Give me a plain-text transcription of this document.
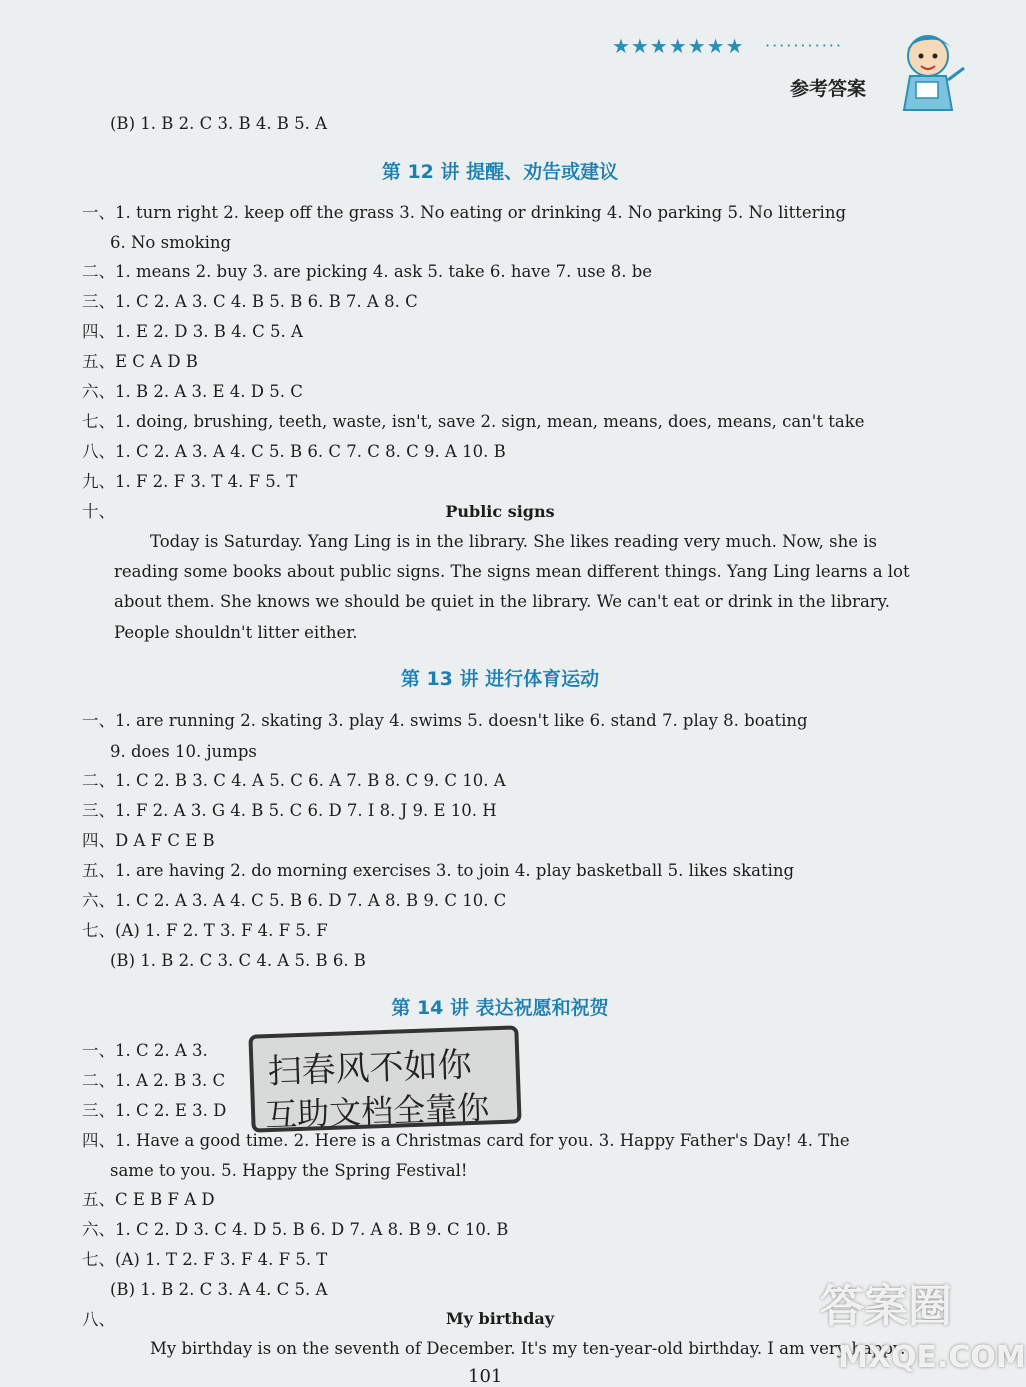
★★★★★★★ ···········
参考答案
(B) 1. B 2. C 3. B 4. B 5. A
第 12 讲 提醒、劝告或建议
一、1. turn right 2. keep off the grass 3. No eating or drinking 4. No parking 5. No littering
6. No smoking
二、1. means 2. buy 3. are picking 4. ask 5. take 6. have 7. use 8. be
三、1. C 2. A 3. C 4. B 5. B 6. B 7. A 8. C
四、1. E 2. D 3. B 4. C 5. A
五、E C A D B
六、1. B 2. A 3. E 4. D 5. C
七、1. doing, brushing, teeth, waste, isn't, save 2. sign, mean, means, does, means, can't take
八、1. C 2. A 3. A 4. C 5. B 6. C 7. C 8. C 9. A 10. B
九、1. F 2. F 3. T 4. F 5. T
十、	Public signs
Today is Saturday. Yang Ling is in the library. She likes reading very much. Now, she is
reading some books about public signs. The signs mean different things. Yang Ling learns a lot
about them. She knows we should be quiet in the library. We can't eat or drink in the library.
People shouldn't litter either.
第 13 讲 进行体育运动
一、1. are running 2. skating 3. play 4. swims 5. doesn't like 6. stand 7. play 8. boating
9. does 10. jumps
二、1. C 2. B 3. C 4. A 5. C 6. A 7. B 8. C 9. C 10. A
三、1. F 2. A 3. G 4. B 5. C 6. D 7. I 8. J 9. E 10. H
四、D A F C E B
五、1. are having 2. do morning exercises 3. to join 4. play basketball 5. likes skating
六、1. C 2. A 3. A 4. C 5. B 6. D 7. A 8. B 9. C 10. C
七、(A) 1. F 2. T 3. F 4. F 5. F
(B) 1. B 2. C 3. C 4. A 5. B 6. B
第 14 讲 表达祝愿和祝贺
一、1. C 2. A 3.
二、1. A 2. B 3. C
三、1. C 2. E 3. D
四、1. Have a good time. 2. Here is a Christmas card for you. 3. Happy Father's Day! 4. The
same to you. 5. Happy the Spring Festival!
五、C E B F A D
六、1. C 2. D 3. C 4. D 5. B 6. D 7. A 8. B 9. C 10. B
七、(A) 1. T 2. F 3. F 4. F 5. T
(B) 1. B 2. C 3. A 4. C 5. A
八、	My birthday
My birthday is on the seventh of December. It's my ten-year-old birthday. I am very happy.
扫春风不如你
互助文档全靠你
答案圈
MXQE.COM
101
